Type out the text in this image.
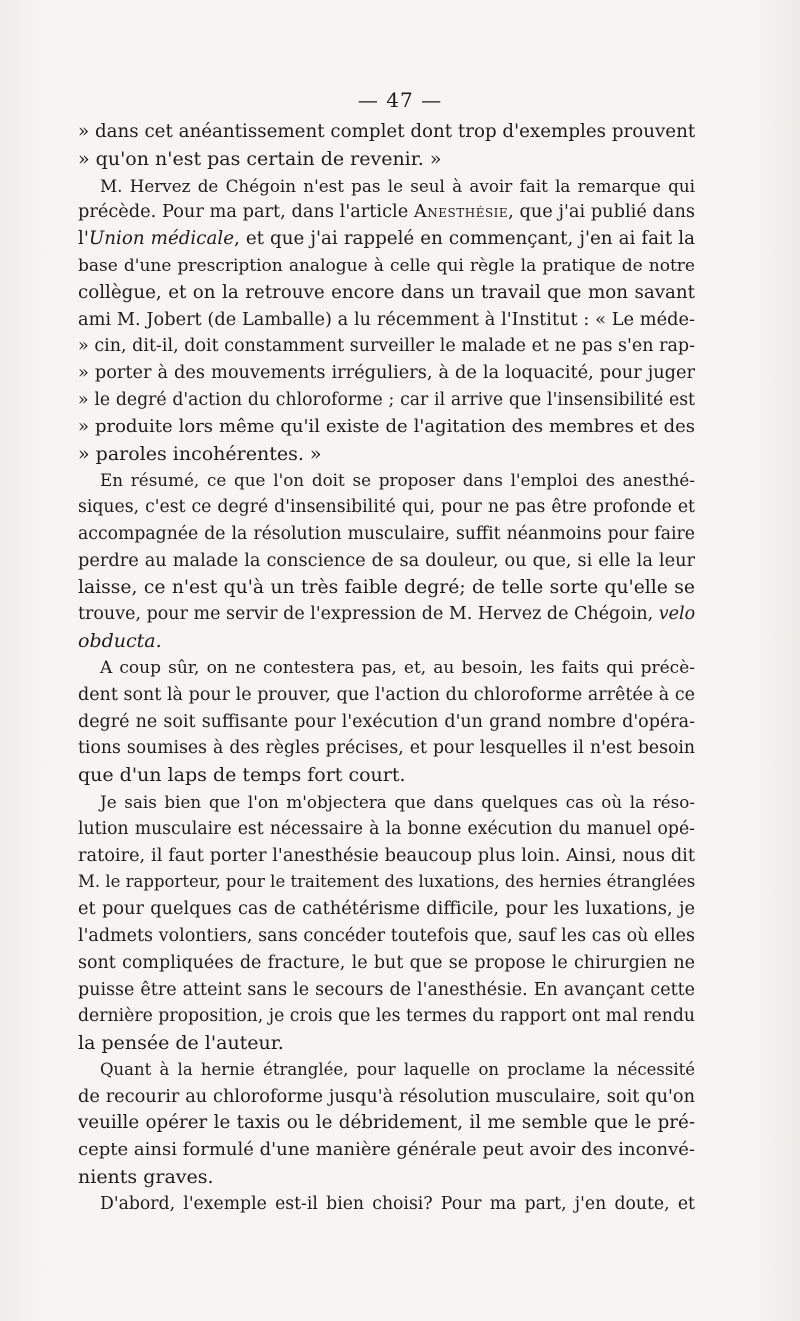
— 47 —
» dans cet anéantissement complet dont trop d'exemples prouvent
» qu'on n'est pas certain de revenir. »
M. Hervez de Chégoin n'est pas le seul à avoir fait la remarque qui
précède. Pour ma part, dans l'article Anesthésie, que j'ai publié dans
l'Union médicale, et que j'ai rappelé en commençant, j'en ai fait la
base d'une prescription analogue à celle qui règle la pratique de notre
collègue, et on la retrouve encore dans un travail que mon savant
ami M. Jobert (de Lamballe) a lu récemment à l'Institut : « Le méde-
» cin, dit-il, doit constamment surveiller le malade et ne pas s'en rap-
» porter à des mouvements irréguliers, à de la loquacité, pour juger
» le degré d'action du chloroforme ; car il arrive que l'insensibilité est
» produite lors même qu'il existe de l'agitation des membres et des
» paroles incohérentes. »
En résumé, ce que l'on doit se proposer dans l'emploi des anesthé-
siques, c'est ce degré d'insensibilité qui, pour ne pas être profonde et
accompagnée de la résolution musculaire, suffit néanmoins pour faire
perdre au malade la conscience de sa douleur, ou que, si elle la leur
laisse, ce n'est qu'à un très faible degré; de telle sorte qu'elle se
trouve, pour me servir de l'expression de M. Hervez de Chégoin, velo
obducta.
A coup sûr, on ne contestera pas, et, au besoin, les faits qui précè-
dent sont là pour le prouver, que l'action du chloroforme arrêtée à ce
degré ne soit suffisante pour l'exécution d'un grand nombre d'opéra-
tions soumises à des règles précises, et pour lesquelles il n'est besoin
que d'un laps de temps fort court.
Je sais bien que l'on m'objectera que dans quelques cas où la réso-
lution musculaire est nécessaire à la bonne exécution du manuel opé-
ratoire, il faut porter l'anesthésie beaucoup plus loin. Ainsi, nous dit
M. le rapporteur, pour le traitement des luxations, des hernies étranglées
et pour quelques cas de cathétérisme difficile, pour les luxations, je
l'admets volontiers, sans concéder toutefois que, sauf les cas où elles
sont compliquées de fracture, le but que se propose le chirurgien ne
puisse être atteint sans le secours de l'anesthésie. En avançant cette
dernière proposition, je crois que les termes du rapport ont mal rendu
la pensée de l'auteur.
Quant à la hernie étranglée, pour laquelle on proclame la nécessité
de recourir au chloroforme jusqu'à résolution musculaire, soit qu'on
veuille opérer le taxis ou le débridement, il me semble que le pré-
cepte ainsi formulé d'une manière générale peut avoir des inconvé-
nients graves.
D'abord, l'exemple est-il bien choisi? Pour ma part, j'en doute, et
